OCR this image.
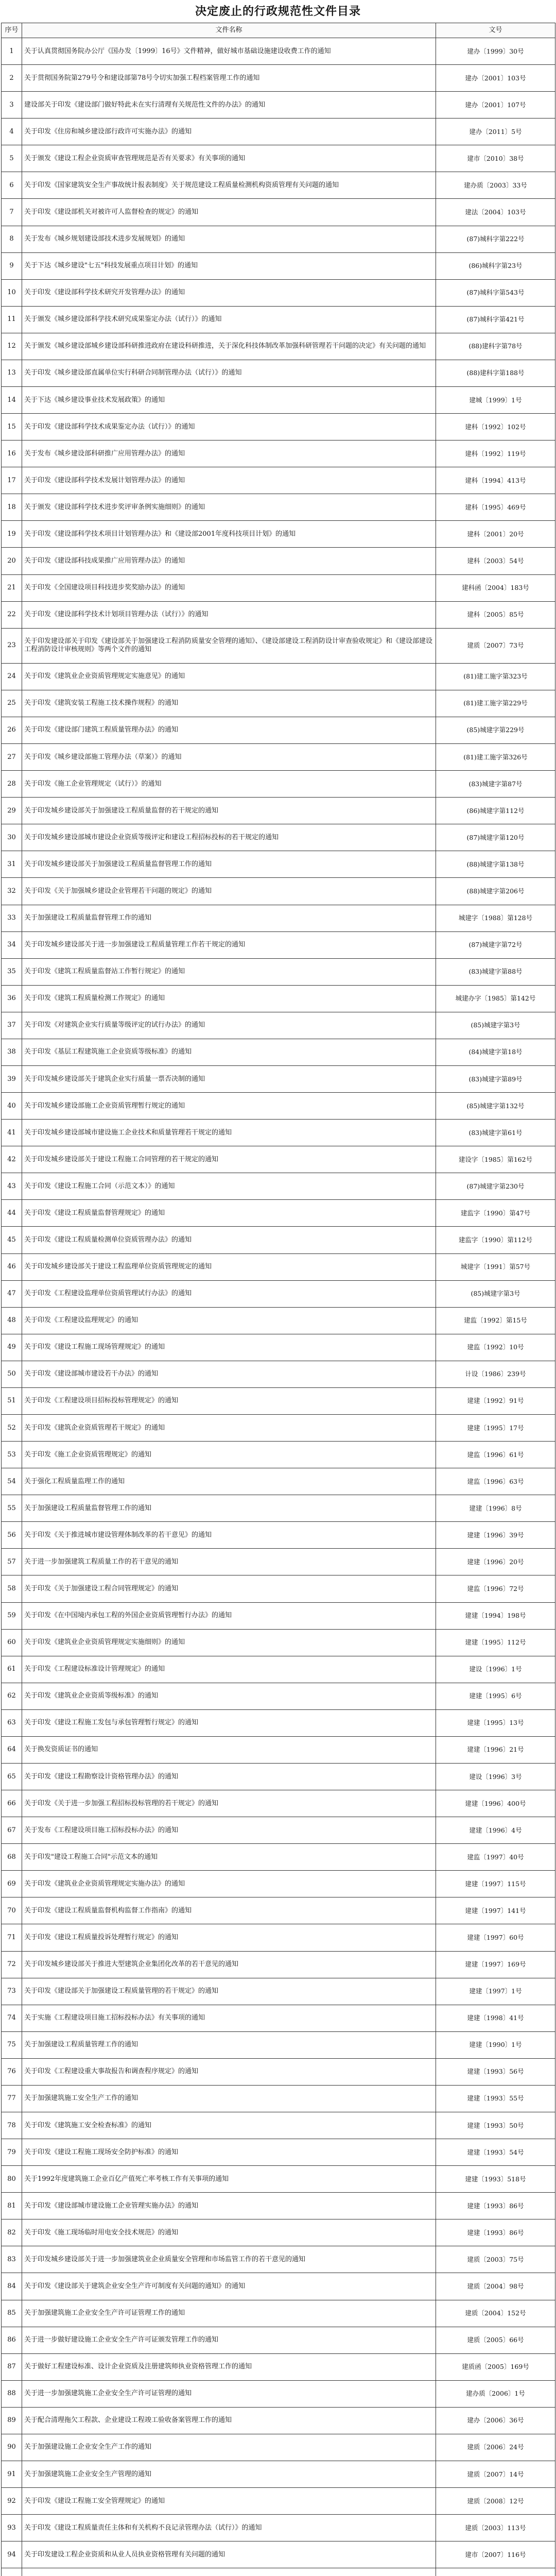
决定废止的行政规范性文件目录
序号	文件名称	文号
1	关于认真贯彻国务院办公厅《国办发〔1999〕16号》文件精神，做好城市基础设施建设收费工作的通知	建办〔1999〕30号
2	关于贯彻国务院第279号令和建设部第78号令切实加强工程档案管理工作的通知	建办〔2001〕103号
3	建设部关于印发《建设部门做好特此未在实行清理有关规范性文件的办法》的通知	建办〔2001〕107号
4	关于印发《住房和城乡建设部行政许可实施办法》的通知	建办〔2011〕5号
5	关于颁发《建设工程企业资质审查管理规范是否有关要求》有关事项的通知	建市〔2010〕38号
6	关于印发《国家建筑安全生产事故统计报表制度》关于规范建设工程质量检测机构资质管理有关问题的通知	建办质〔2003〕33号
7	关于印发《建设部机关对被许可人监督检查的规定》的通知	建法〔2004〕103号
8	关于发布《城乡规划建设部技术进步发展规划》的通知	(87)城科字第222号
9	关于下达《城乡建设"七五"科技发展重点项目计划》的通知	(86)城科字第23号
10	关于印发《建设部科学技术研究开发管理办法》的通知	(87)城科字第543号
11	关于颁发《城乡建设部科学技术研究成果鉴定办法（试行）》的通知	(87)城科字第421号
12	关于颁发《城乡建设部城乡建设部科研推进政府在建设科研推进，关于深化科技体制改革加强科研管理若干问题的决定》有关问题的通知	(88)建科字第78号
13	关于印发《城乡建设部直属单位实行科研合同制管理办法（试行）》的通知	(88)建科字第188号
14	关于下达《城乡建设事业技术发展政策》的通知	建城〔1999〕1号
15	关于印发《建设部科学技术成果鉴定办法（试行）》的通知	建科〔1992〕102号
16	关于发布《城乡建设部科研推广应用管理办法》的通知	建科〔1992〕119号
17	关于印发《建设部科学技术发展计划管理办法》的通知	建科〔1994〕413号
18	关于颁发《建设部科学技术进步奖评审条例实施细则》的通知	建科〔1995〕469号
19	关于印发《建设部科学技术项目计划管理办法》和《建设部2001年度科技项目计划》的通知	建科〔2001〕20号
20	关于印发《建设部科技成果推广应用管理办法》的通知	建科〔2003〕54号
21	关于印发《全国建设项目科技进步奖奖励办法》的通知	建科函〔2004〕183号
22	关于印发《建设部科学技术计划项目管理办法（试行）》的通知	建科〔2005〕85号
23	关于印发建设部关于印发《建设部关于加强建设工程消防质量安全管理的通知》、《建设部建设工程消防设计审查验收规定》和《建设部建设工程消防设计审核规则》等两个文件的通知	建质〔2007〕73号
24	关于印发《建筑业企业资质管理规定实施意见》的通知	(81)建工施字第323号
25	关于印发《建筑安装工程施工技术操作规程》的通知	(81)建工施字第229号
26	关于印发《建设部门建筑工程质量管理办法》的通知	(85)城建字第229号
27	关于印发《城乡建设部施工管理办法（草案）》的通知	(81)建工施字第326号
28	关于印发《施工企业管理规定（试行）》的通知	(83)城建字第87号
29	关于印发城乡建设部关于加强建设工程质量监督的若干规定的通知	(86)城建字第112号
30	关于印发城乡建设部城市建设企业资质等级评定和建设工程招标投标的若干规定的通知	(87)城建字第120号
31	关于印发城乡建设部关于加强建设工程质量监督管理工作的通知	(88)城建字第138号
32	关于印发《关于加强城乡建设企业管理若干问题的规定》的通知	(88)城建字第206号
33	关于加强建设工程质量监督管理工作的通知	城建字〔1988〕第128号
34	关于印发城乡建设部关于进一步加强建设工程质量管理工作若干规定的通知	(87)城建字第72号
35	关于印发《建筑工程质量监督站工作暂行规定》的通知	(83)城建字第88号
36	关于印发《建筑工程质量检测工作规定》的通知	城建办字〔1985〕第142号
37	关于印发《对建筑企业实行质量等级评定的试行办法》的通知	(85)城建字第3号
38	关于印发《基层工程建筑施工企业资质等级标准》的通知	(84)城建字第18号
39	关于印发城乡建设部关于建筑企业实行质量一票否决制的通知	(83)城建字第89号
40	关于印发城乡建设部施工企业资质管理暂行规定的通知	(85)城建字第132号
41	关于印发城乡建设部城市建设施工企业技术和质量管理若干规定的通知	(83)城建字第61号
42	关于印发城乡建设部关于建设工程施工合同管理的若干规定的通知	建设字〔1985〕第162号
43	关于印发《建设工程施工合同（示范文本）》的通知	(87)城建字第230号
44	关于印发《建设工程质量监督管理规定》的通知	建监字〔1990〕第47号
45	关于印发《建设工程质量检测单位资质管理办法》的通知	建监字〔1990〕第112号
46	关于印发城乡建设部关于建设工程监理单位资质管理规定的通知	城建字〔1991〕第57号
47	关于印发《工程建设监理单位资质管理试行办法》的通知	(85)城建字第3号
48	关于印发《工程建设监理规定》的通知	建监〔1992〕第15号
49	关于印发《建设工程施工现场管理规定》的通知	建监〔1992〕10号
50	关于印发《建设部城市建设若干办法》的通知	计设〔1986〕239号
51	关于印发《工程建设项目招标投标管理规定》的通知	建建〔1992〕91号
52	关于印发《建筑企业资质管理若干规定》的通知	建建〔1995〕17号
53	关于印发《施工企业资质管理规定》的通知	建监〔1996〕61号
54	关于强化工程质量监理工作的通知	建监〔1996〕63号
55	关于加强建设工程质量监督管理工作的通知	建建〔1996〕8号
56	关于印发《关于推进城市建设管理体制改革的若干意见》的通知	建建〔1996〕39号
57	关于进一步加强建筑工程质量工作的若干意见的通知	建建〔1996〕20号
58	关于印发《关于加强建设工程合同管理规定》的通知	建监〔1996〕72号
59	关于印发《在中国境内承包工程的外国企业资质管理暂行办法》的通知	建建〔1994〕198号
60	关于印发《建筑业企业资质管理规定实施细则》的通知	建建〔1995〕112号
61	关于印发《工程建设标准设计管理规定》的通知	建设〔1996〕1号
62	关于印发《建筑业企业资质等级标准》的通知	建建〔1995〕6号
63	关于印发《建设工程施工发包与承包管理暂行规定》的通知	建建〔1995〕13号
64	关于换发资质证书的通知	建建〔1996〕21号
65	关于印发《建设工程勘察设计资格管理办法》的通知	建设〔1996〕3号
66	关于印发《关于进一步加强工程招标投标管理的若干规定》的通知	建建〔1996〕400号
67	关于发布《工程建设项目施工招标投标办法》的通知	建建〔1996〕4号
68	关于印发"建设工程施工合同"示范文本的通知	建监〔1997〕40号
69	关于印发《建筑业企业资质管理规定实施办法》的通知	建建〔1997〕115号
70	关于印发《建设工程质量监督机构监督工作指南》的通知	建建〔1997〕141号
71	关于印发《建设工程质量投诉处理暂行规定》的通知	建建〔1997〕60号
72	关于印发城乡建设部关于推进大型建筑企业集团化改革的若干意见的通知	建建〔1997〕169号
73	关于印发《建设部关于加强建设工程质量管理的若干规定》的通知	建建〔1997〕1号
74	关于实施《工程建设项目施工招标投标办法》有关事项的通知	建建〔1998〕41号
75	关于加强建设工程质量管理工作的通知	建建〔1990〕1号
76	关于印发《工程建设重大事故报告和调查程序规定》的通知	建建〔1993〕56号
77	关于加强建筑施工安全生产工作的通知	建建〔1993〕55号
78	关于印发《建筑施工安全检查标准》的通知	建建〔1993〕50号
79	关于印发《建设工程施工现场安全防护标准》的通知	建建〔1993〕54号
80	关于1992年度建筑施工企业百亿产值死亡率考核工作有关事项的通知	建建〔1993〕518号
81	关于印发《建设部城市建设施工企业管理实施办法》的通知	建建〔1993〕86号
82	关于印发《施工现场临时用电安全技术规范》的通知	建建〔1993〕86号
83	关于印发城乡建设部关于进一步加强建筑业企业质量安全管理和市场监管工作的若干意见的通知	建质〔2003〕75号
84	关于印发《建设部关于建筑企业安全生产许可制度有关问题的通知》的通知	建质〔2004〕98号
85	关于加强建筑施工企业安全生产许可证管理工作的通知	建质〔2004〕152号
86	关于进一步做好建设施工企业安全生产许可证颁发管理工作的通知	建质〔2005〕66号
87	关于做好工程建设标准、设计企业资质及注册建筑师执业资格管理工作的通知	建质函〔2005〕169号
88	关于进一步加强建筑施工企业安全生产许可证管理的通知	建办质〔2006〕1号
89	关于配合清理拖欠工程款、企业建设工程竣工验收备案管理工作的通知	建办〔2006〕36号
90	关于加强建设施工企业安全生产工作的通知	建质〔2006〕24号
91	关于加强建筑施工企业安全生产管理的通知	建质〔2007〕14号
92	关于印发《建设工程施工安全管理规定》的通知	建质〔2008〕12号
93	关于印发《建设工程质量责任主体和有关机构不良记录管理办法（试行）》的通知	建质〔2003〕113号
94	关于印发建设工程企业资质和从业人员执业资格管理有关问题的通知	建市〔2007〕116号
